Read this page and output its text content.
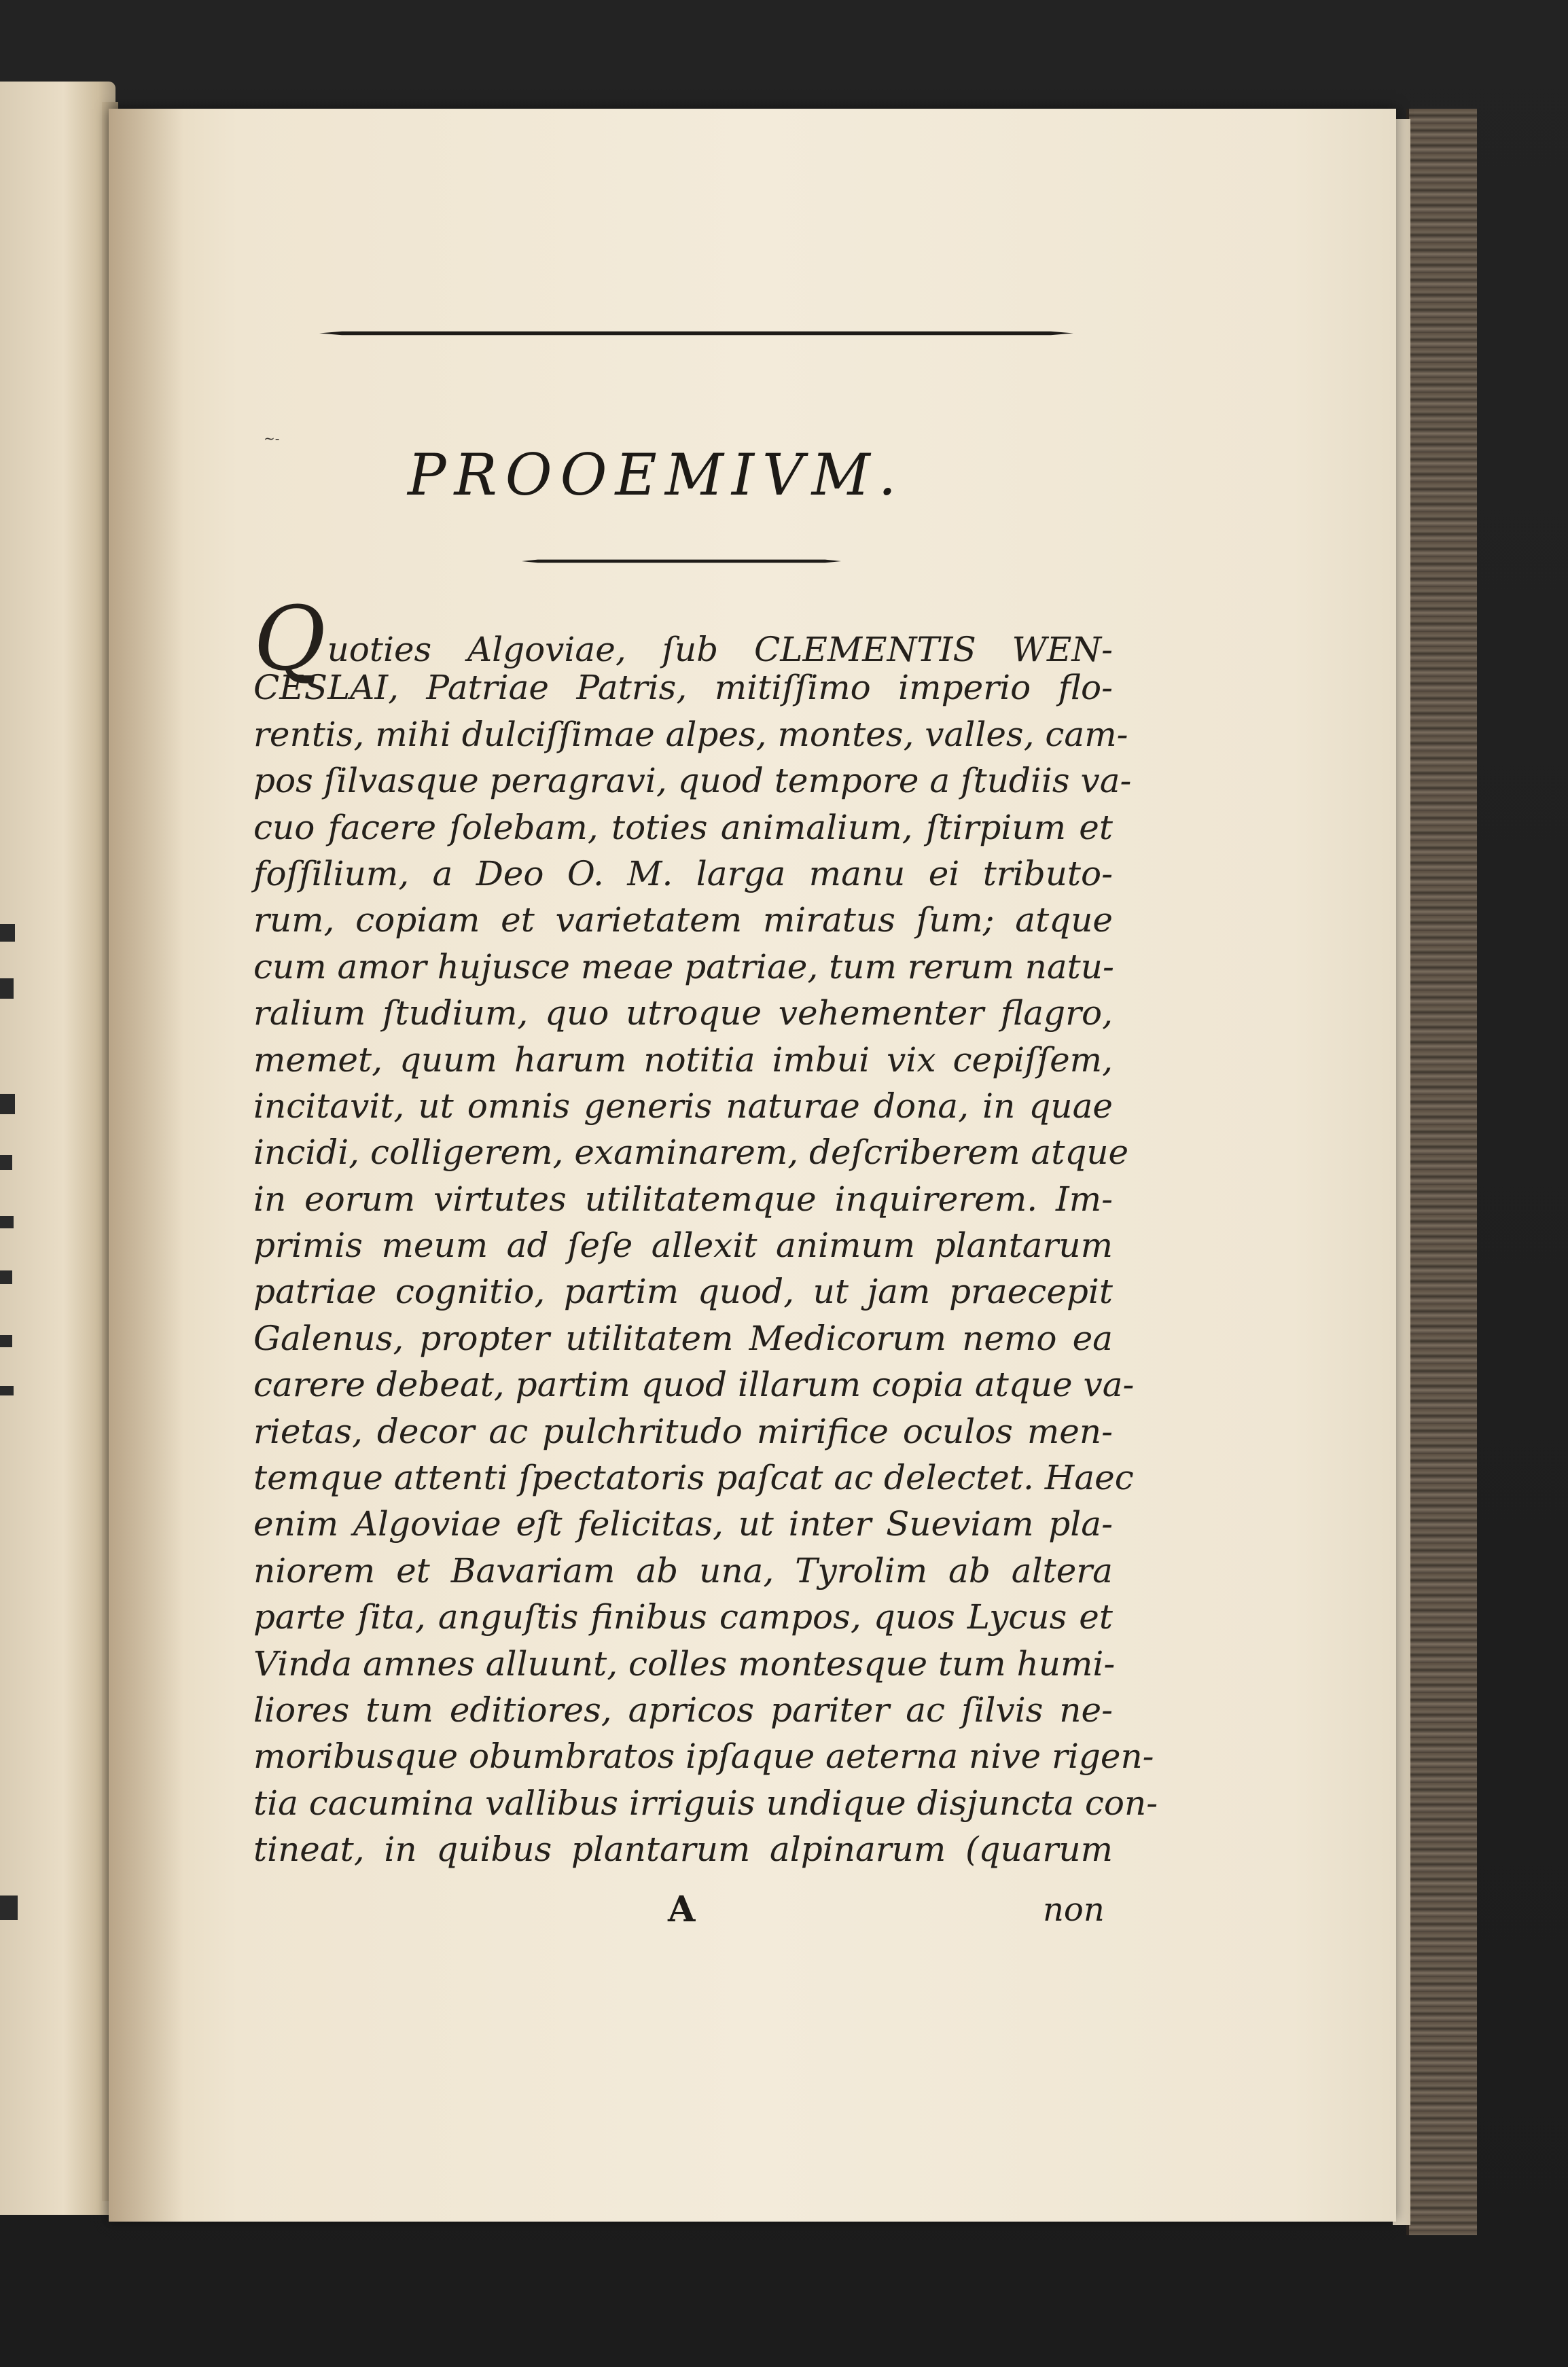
~-
PROOEMIVM.
Quoties Algoviae, ſub CLEMENTIS WEN-
CESLAI, Patriae Patris, mitiſſimo imperio flo-
rentis, mihi dulciſſimae alpes, montes, valles, cam-
pos ſilvasque peragravi, quod tempore a ſtudiis va-
cuo facere ſolebam, toties animalium, ſtirpium et
foſſilium, a Deo O. M. larga manu ei tributo-
rum, copiam et varietatem miratus ſum; atque
cum amor hujusce meae patriae, tum rerum natu-
ralium ſtudium, quo utroque vehementer flagro,
memet, quum harum notitia imbui vix cepiſſem,
incitavit, ut omnis generis naturae dona, in quae
incidi, colligerem, examinarem, deſcriberem atque
in eorum virtutes utilitatemque inquirerem. Im-
primis meum ad ſeſe allexit animum plantarum
patriae cognitio, partim quod, ut jam praecepit
Galenus, propter utilitatem Medicorum nemo ea
carere debeat, partim quod illarum copia atque va-
rietas, decor ac pulchritudo mirifice oculos men-
temque attenti ſpectatoris paſcat ac delectet. Haec
enim Algoviae eſt felicitas, ut inter Sueviam pla-
niorem et Bavariam ab una, Tyrolim ab altera
parte ſita, anguſtis finibus campos, quos Lycus et
Vinda amnes alluunt, colles montesque tum humi-
liores tum editiores, apricos pariter ac ſilvis ne-
moribusque obumbratos ipſaque aeterna nive rigen-
tia cacumina vallibus irriguis undique disjuncta con-
tineat, in quibus plantarum alpinarum (quarum
A	non
